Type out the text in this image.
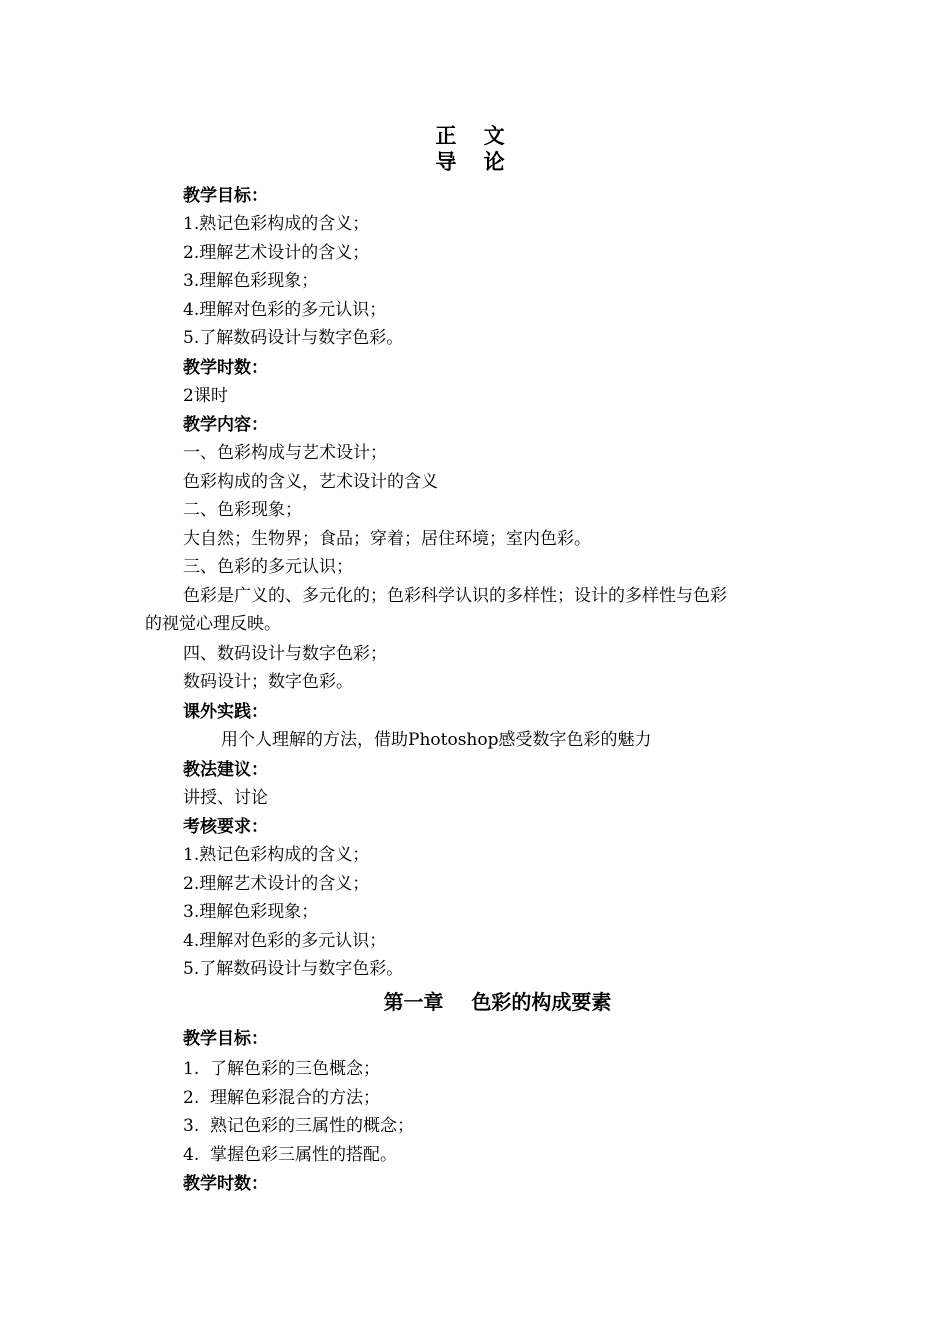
正 文
导 论
教学目标：
1.熟记色彩构成的含义；
2.理解艺术设计的含义；
3.理解色彩现象；
4.理解对色彩的多元认识；
5.了解数码设计与数字色彩。
教学时数：
2课时
教学内容：
一、色彩构成与艺术设计；
色彩构成的含义，艺术设计的含义
二、色彩现象；
大自然；生物界；食品；穿着；居住环境；室内色彩。
三、色彩的多元认识；
色彩是广义的、多元化的；色彩科学认识的多样性；设计的多样性与色彩
的视觉心理反映。
四、数码设计与数字色彩；
数码设计；数字色彩。
课外实践：
用个人理解的方法，借助Photoshop感受数字色彩的魅力
教法建议：
讲授、讨论
考核要求：
1.熟记色彩构成的含义；
2.理解艺术设计的含义；
3.理解色彩现象；
4.理解对色彩的多元认识；
5.了解数码设计与数字色彩。
第一章    色彩的构成要素
教学目标：
1.  了解色彩的三色概念；
2.  理解色彩混合的方法；
3.  熟记色彩的三属性的概念；
4.  掌握色彩三属性的搭配。
教学时数：
